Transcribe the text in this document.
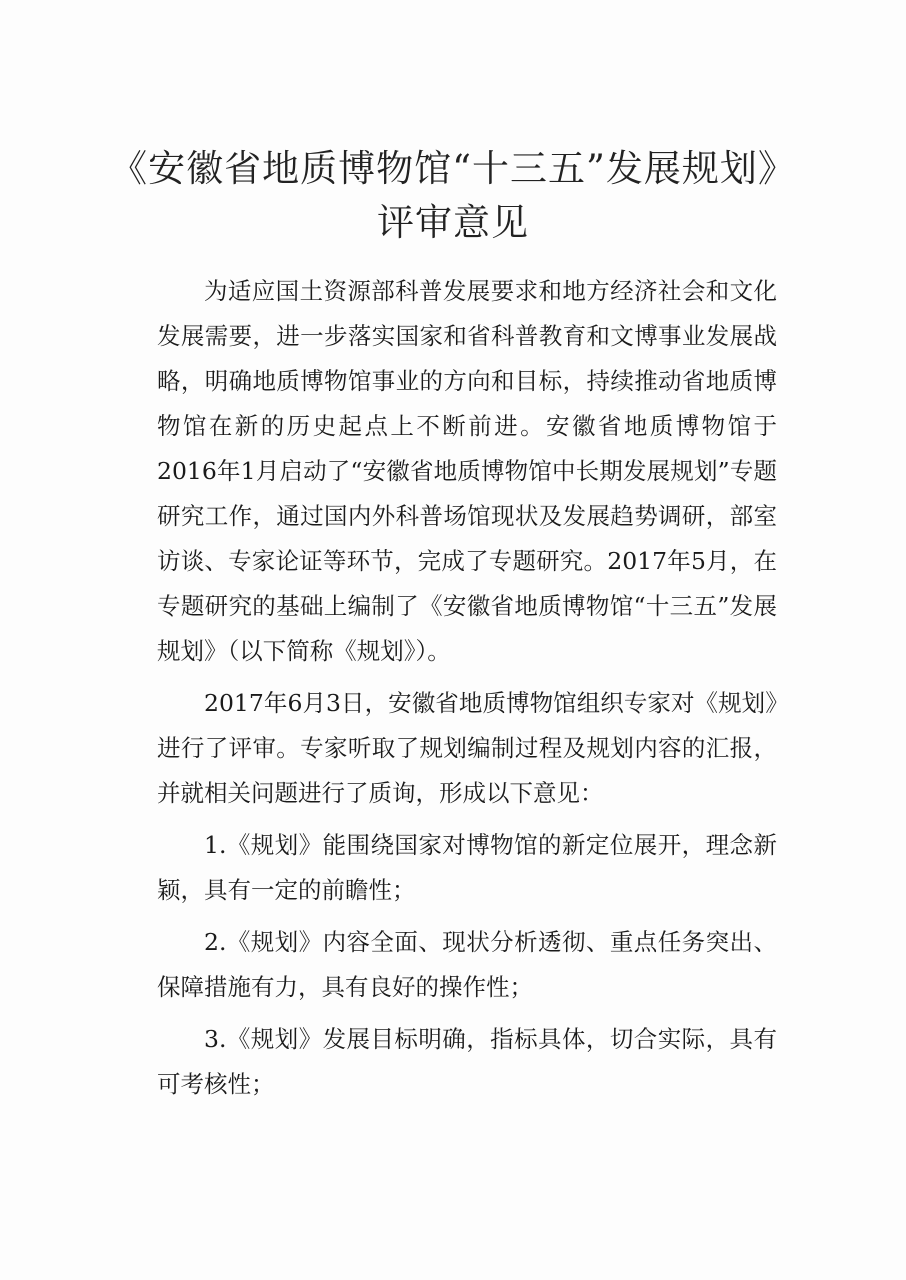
《安徽省地质博物馆“十三五”发展规划》
评审意见

为适应国土资源部科普发展要求和地方经济社会和文化发展需要，进一步落实国家和省科普教育和文博事业发展战略，明确地质博物馆事业的方向和目标，持续推动省地质博物馆在新的历史起点上不断前进。安徽省地质博物馆于2016年1月启动了“安徽省地质博物馆中长期发展规划”专题研究工作，通过国内外科普场馆现状及发展趋势调研，部室访谈、专家论证等环节，完成了专题研究。2017年5月，在专题研究的基础上编制了《安徽省地质博物馆“十三五”发展规划》（以下简称《规划》）。

2017年6月3日，安徽省地质博物馆组织专家对《规划》进行了评审。专家听取了规划编制过程及规划内容的汇报，并就相关问题进行了质询，形成以下意见：

1.《规划》能围绕国家对博物馆的新定位展开，理念新颖，具有一定的前瞻性；

2.《规划》内容全面、现状分析透彻、重点任务突出、保障措施有力，具有良好的操作性；

3.《规划》发展目标明确，指标具体，切合实际，具有可考核性；
